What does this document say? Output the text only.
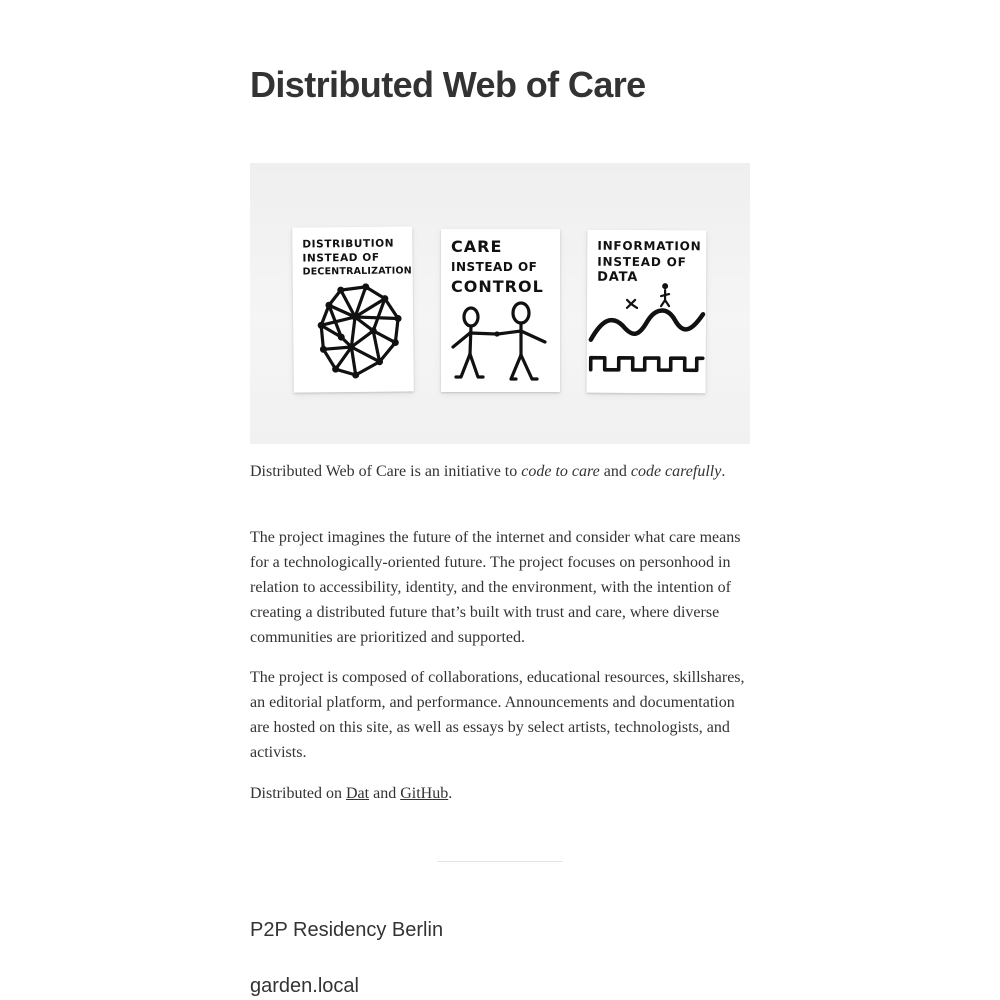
Distributed Web of Care
DISTRIBUTION
INSTEAD OF
DECENTRALIZATION
CARE
INSTEAD OF
CONTROL
INFORMATION
INSTEAD OF
DATA

Distributed Web of Care is an initiative to code to care and code carefully.

The project imagines the future of the internet and consider what care means for a technologically-oriented future. The project focuses on personhood in relation to accessibility, identity, and the environment, with the intention of creating a distributed future that’s built with trust and care, where diverse communities are prioritized and supported.

The project is composed of collaborations, educational resources, skillshares, an editorial platform, and performance. Announcements and documentation are hosted on this site, as well as essays by select artists, technologists, and activists.

Distributed on Dat and GitHub.

P2P Residency Berlin
garden.local
